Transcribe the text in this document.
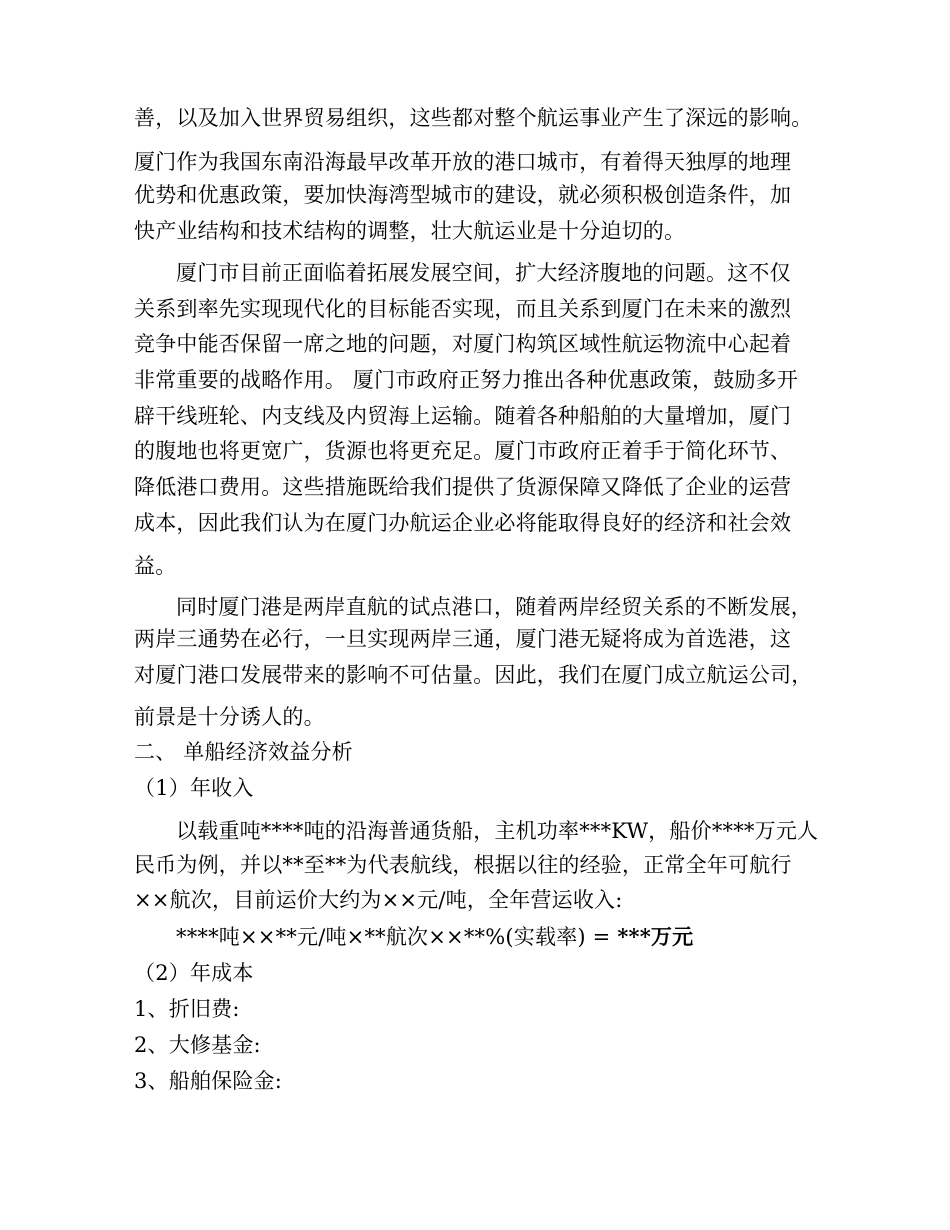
善，以及加入世界贸易组织，这些都对整个航运事业产生了深远的影响。
厦门作为我国东南沿海最早改革开放的港口城市，有着得天独厚的地理
优势和优惠政策，要加快海湾型城市的建设，就必须积极创造条件，加
快产业结构和技术结构的调整，壮大航运业是十分迫切的。
厦门市目前正面临着拓展发展空间，扩大经济腹地的问题。这不仅
关系到率先实现现代化的目标能否实现，而且关系到厦门在未来的激烈
竞争中能否保留一席之地的问题，对厦门构筑区域性航运物流中心起着
非常重要的战略作用。 厦门市政府正努力推出各种优惠政策，鼓励多开
辟干线班轮、内支线及内贸海上运输。随着各种船舶的大量增加，厦门
的腹地也将更宽广，货源也将更充足。厦门市政府正着手于简化环节、
降低港口费用。这些措施既给我们提供了货源保障又降低了企业的运营
成本，因此我们认为在厦门办航运企业必将能取得良好的经济和社会效
益。
同时厦门港是两岸直航的试点港口，随着两岸经贸关系的不断发展，
两岸三通势在必行，一旦实现两岸三通，厦门港无疑将成为首选港，这
对厦门港口发展带来的影响不可估量。因此，我们在厦门成立航运公司，
前景是十分诱人的。
二、 单船经济效益分析
（1）年收入
以载重吨****吨的沿海普通货船，主机功率***KW，船价****万元人
民币为例，并以**至**为代表航线，根据以往的经验，正常全年可航行
××航次，目前运价大约为××元/吨，全年营运收入:
****吨××**元/吨×**航次××**%(实载率) = ***万元
（2）年成本
1、折旧费:
2、大修基金:
3、船舶保险金:
